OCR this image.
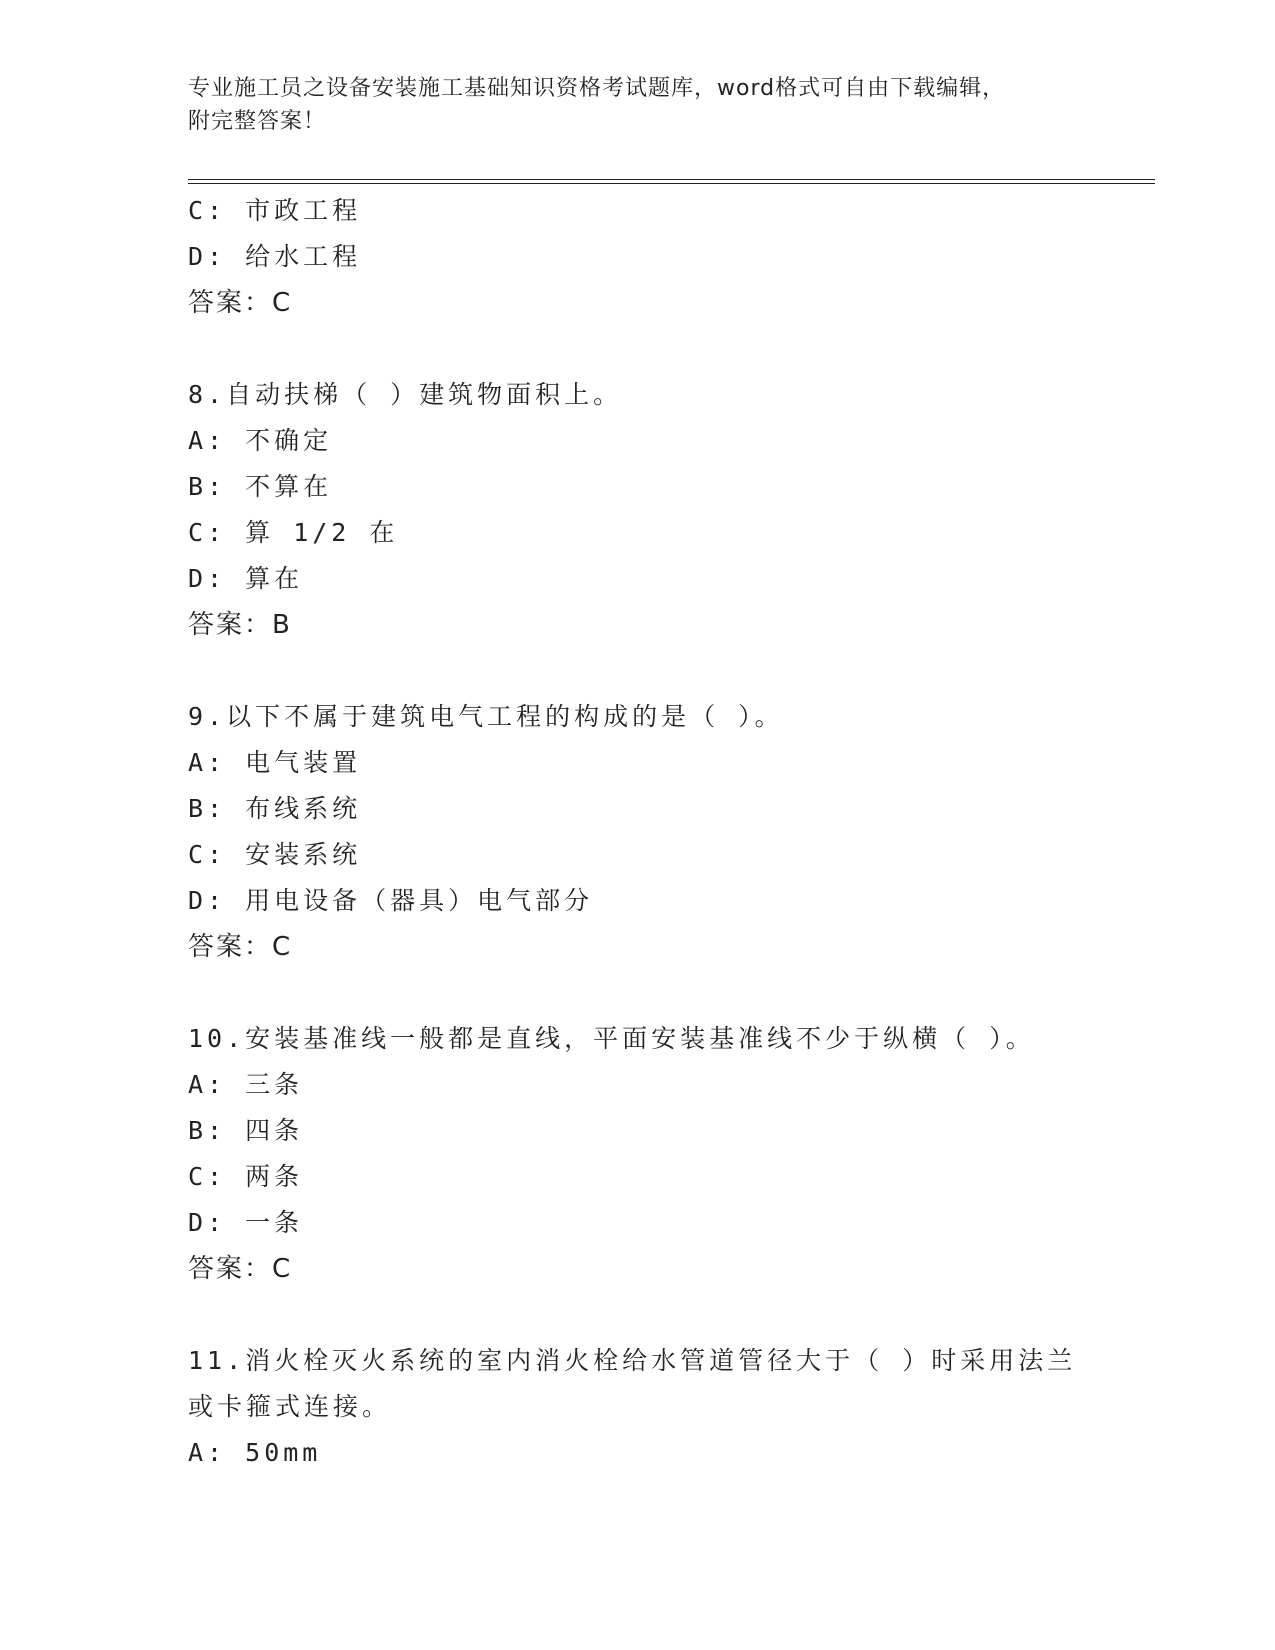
专业施工员之设备安装施工基础知识资格考试题库，word格式可自由下载编辑，
附完整答案！
C: 市政工程
D: 给水工程
答案：C
8.自动扶梯（ ）建筑物面积上。
A: 不确定
B: 不算在
C: 算 1/2 在
D: 算在
答案：B
9.以下不属于建筑电气工程的构成的是（ ）。
A: 电气装置
B: 布线系统
C: 安装系统
D: 用电设备（器具）电气部分
答案：C
10.安装基准线一般都是直线，平面安装基准线不少于纵横（ ）。
A: 三条
B: 四条
C: 两条
D: 一条
答案：C
11.消火栓灭火系统的室内消火栓给水管道管径大于（ ）时采用法兰
或卡箍式连接。
A: 50mm
